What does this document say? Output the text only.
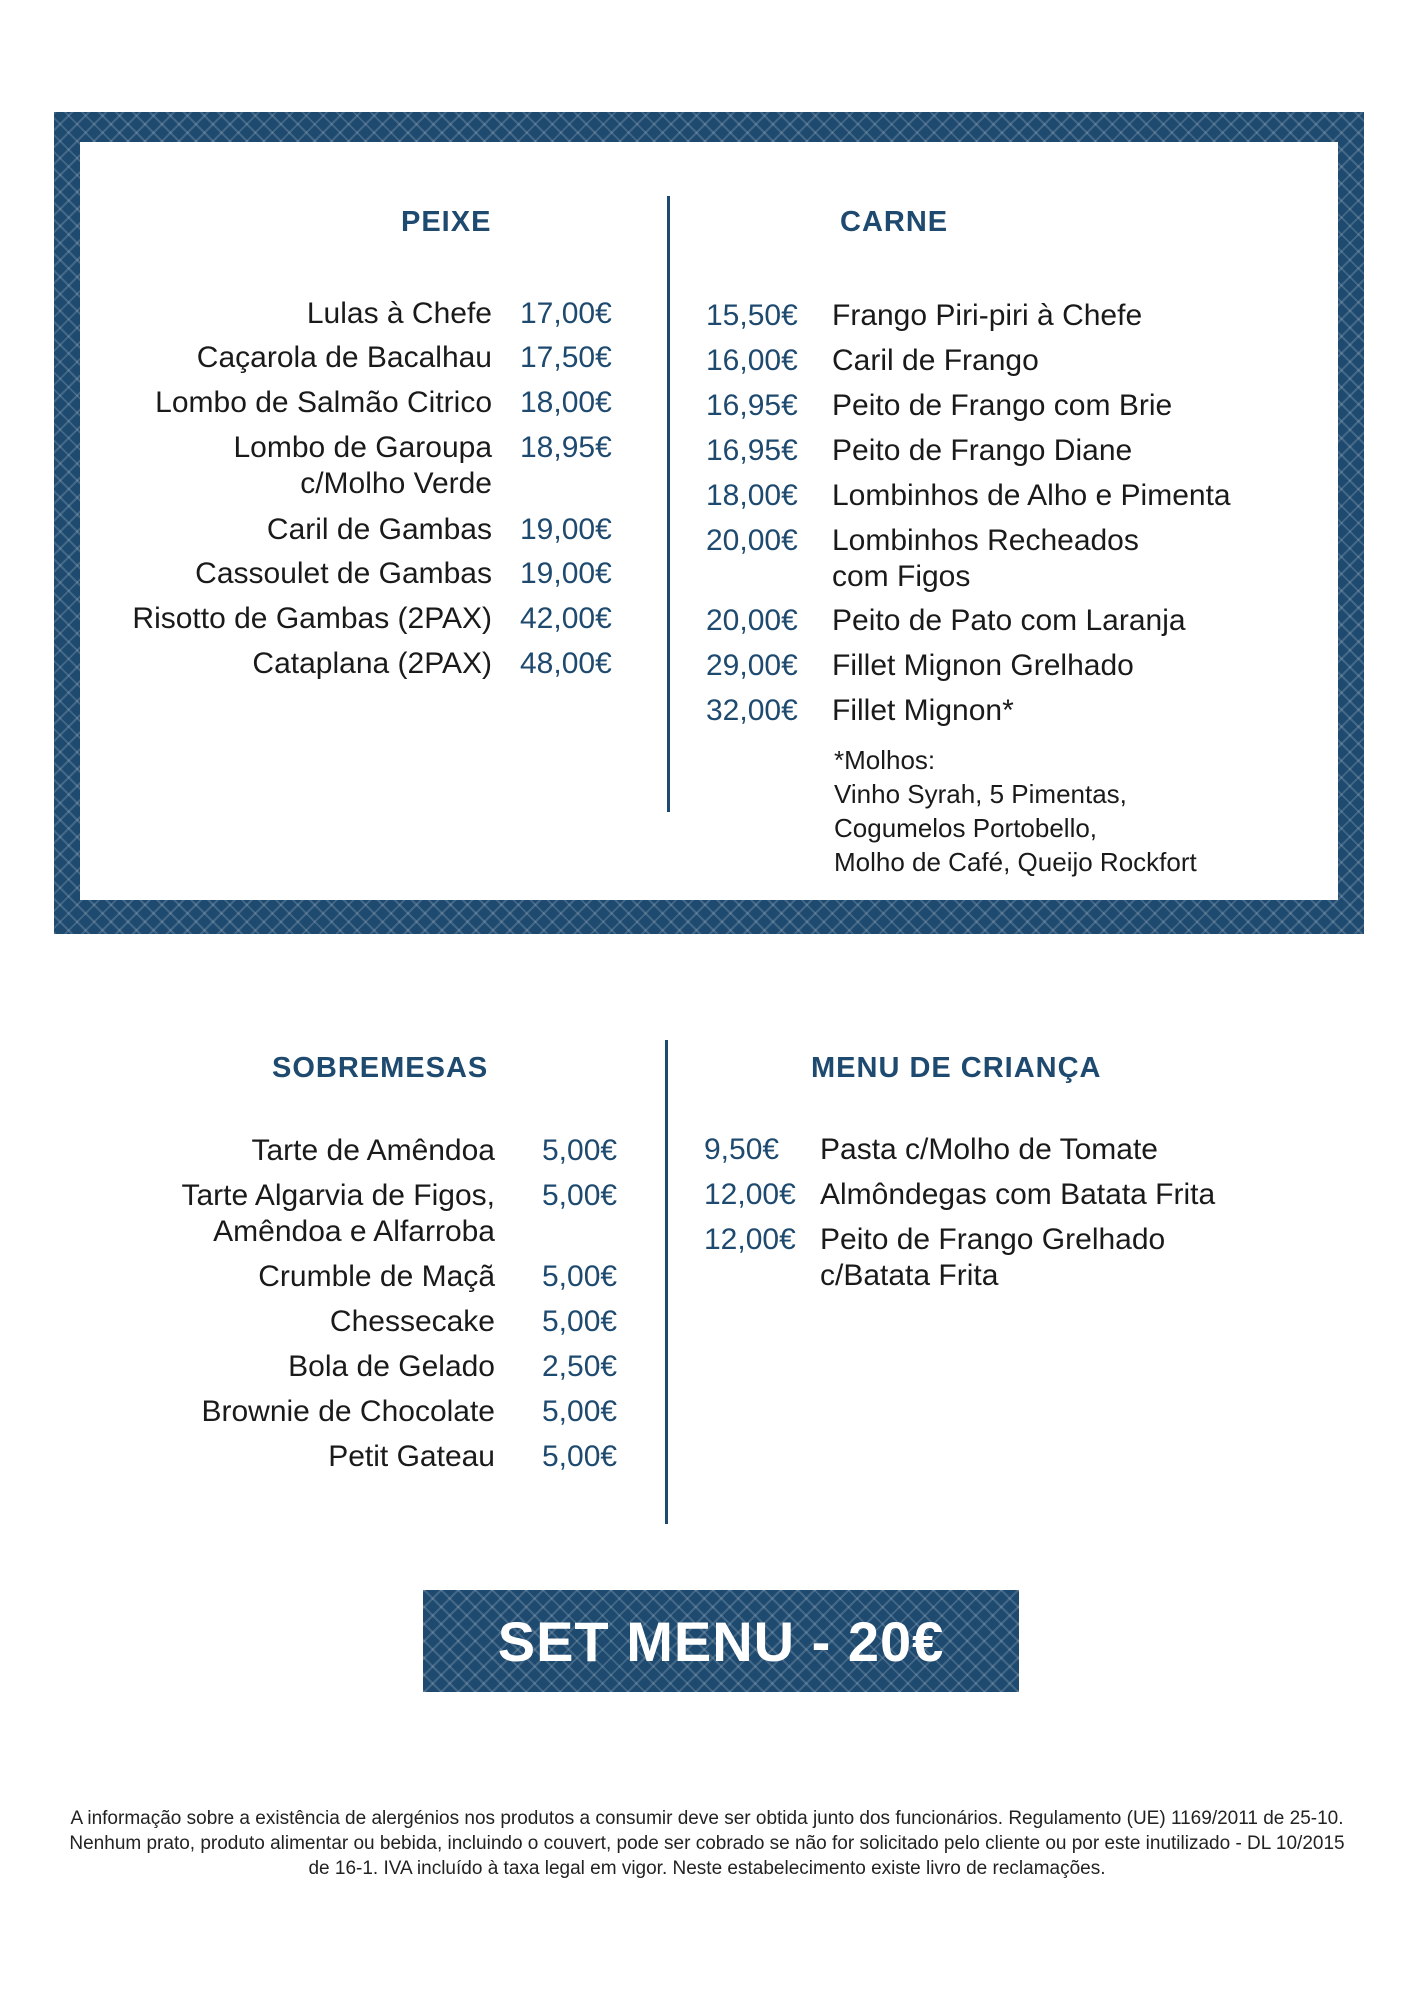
PEIXE	CARNE
Lulas à Chefe 17,00€
Caçarola de Bacalhau 17,50€
Lombo de Salmão Citrico 18,00€
Lombo de Garoupa
c/Molho Verde
18,95€
Caril de Gambas 19,00€
Cassoulet de Gambas 19,00€
Risotto de Gambas (2PAX) 42,00€
Cataplana (2PAX) 48,00€
Frango Piri-piri à Chefe
15,50€
Caril de Frango
16,00€
Peito de Frango com Brie
16,95€
Peito de Frango Diane
16,95€
Lombinhos de Alho e Pimenta
18,00€
Lombinhos Recheados
com Figos
20,00€
Peito de Pato com Laranja
20,00€
Fillet Mignon Grelhado
29,00€
Fillet Mignon*
32,00€
*Molhos:
Vinho Syrah, 5 Pimentas,
Cogumelos Portobello,
Molho de Café, Queijo Rockfort
SOBREMESAS	MENU DE CRIANÇA
Tarte de Amêndoa 5,00€
Tarte Algarvia de Figos,
Amêndoa e Alfarroba
5,00€
Crumble de Maçã 5,00€
Chessecake 5,00€
Bola de Gelado 2,50€
Brownie de Chocolate 5,00€
Petit Gateau 5,00€
Pasta c/Molho de Tomate
9,50€
Almôndegas com Batata Frita
12,00€
Peito de Frango Grelhado
c/Batata Frita
12,00€
SET MENU - 20€
A informação sobre a existência de alergénios nos produtos a consumir deve ser obtida junto dos funcionários. Regulamento (UE) 1169/2011 de 25-10. Nenhum prato, produto alimentar ou bebida, incluindo o couvert, pode ser cobrado se não for solicitado pelo cliente ou por este inutilizado - DL 10/2015 de 16-1. IVA incluído à taxa legal em vigor. Neste estabelecimento existe livro de reclamações.
